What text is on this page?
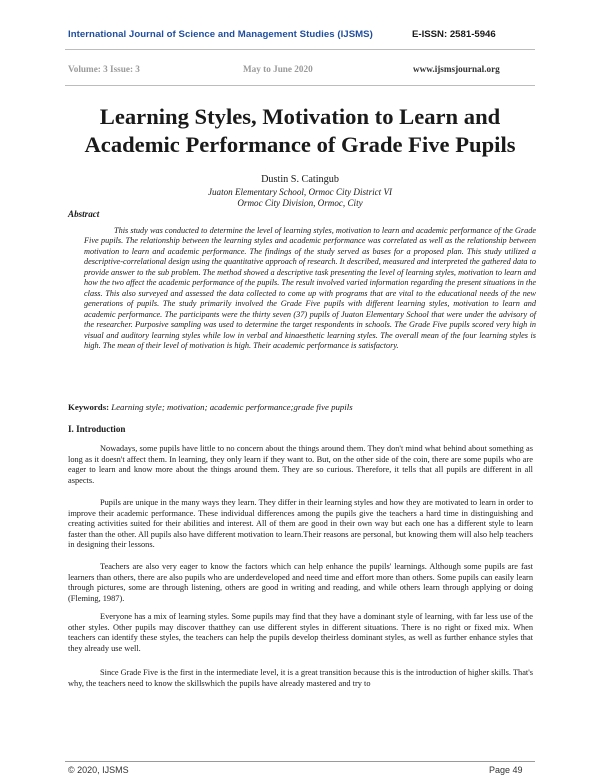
International Journal of Science and Management Studies (IJSMS)	E-ISSN: 2581-5946
Volume: 3 Issue: 3	May to June 2020	www.ijsmsjournal.org
Learning Styles, Motivation to Learn and
Academic Performance of Grade Five Pupils
Dustin S. Catingub
Juaton Elementary School, Ormoc City District VI
Ormoc City Division, Ormoc, City
Abstract
This study was conducted to determine the level of learning styles, motivation to learn and academic performance of the Grade Five pupils. The relationship between the learning styles and academic performance was correlated as well as the relationship between motivation to learn and academic performance. The findings of the study served as bases for a proposed plan. This study utilized a descriptive-correlational design using the quantitative approach of research. It described, measured and interpreted the gathered data to provide answer to the sub problem. The method showed a descriptive task presenting the level of learning styles, motivation to learn and how the two affect the academic performance of the pupils. The result involved varied information regarding the present situations in the class. This also surveyed and assessed the data collected to come up with programs that are vital to the educational needs of the new generations of pupils. The study primarily involved the Grade Five pupils with different learning styles, motivation to learn and academic performance. The participants were the thirty seven (37) pupils of Juaton Elementary School that were under the advisory of the researcher. Purposive sampling was used to determine the target respondents in schools. The Grade Five pupils scored very high in visual and auditory learning styles while low in verbal and kinaesthetic learning styles. The overall mean of the four learning styles is high. The mean of their level of motivation is high. Their academic performance is satisfactory.
Keywords: Learning style; motivation; academic performance;grade five pupils
I. Introduction

Nowadays, some pupils have little to no concern about the things around them. They don't mind what behind about something as long as it doesn't affect them. In learning, they only learn if they want to. But, on the other side of the coin, there are some pupils who are eager to learn and know more about the things around them. They are so curious. Therefore, it tells that all pupils are different in all aspects.

Pupils are unique in the many ways they learn. They differ in their learning styles and how they are motivated to learn in order to improve their academic performance. These individual differences among the pupils give the teachers a hard time in distinguishing and creating activities suited for their abilities and interest. All of them are good in their own way but each one has a different style to learn faster than the other. All pupils also have different motivation to learn.Their reasons are personal, but knowing them will also help teachers in designing their lessons.

Teachers are also very eager to know the factors which can help enhance the pupils' learnings. Although some pupils are fast learners than others, there are also pupils who are underdeveloped and need time and effort more than others. Some pupils can easily learn through pictures, some are through listening, others are good in writing and reading, and while others learn through applying or doing (Fleming, 1987).

Everyone has a mix of learning styles. Some pupils may find that they have a dominant style of learning, with far less use of the other styles. Other pupils may discover thatthey can use different styles in different situations. There is no right or fixed mix. When teachers can identify these styles, the teachers can help the pupils develop theirless dominant styles, as well as further enhance styles that they already use well.

Since Grade Five is the first in the intermediate level, it is a great transition because this is the introduction of higher skills. That's why, the teachers need to know the skillswhich the pupils have already mastered and try to

© 2020, IJSMS	Page 49
